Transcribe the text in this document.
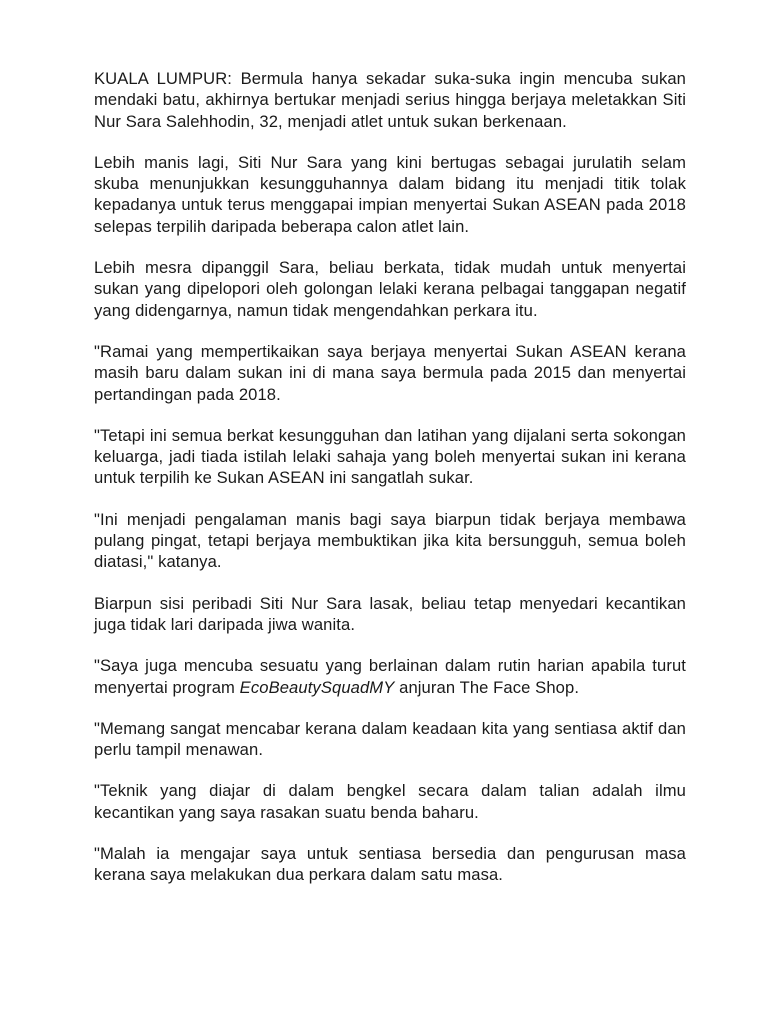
KUALA LUMPUR: Bermula hanya sekadar suka-suka ingin mencuba sukan mendaki batu, akhirnya bertukar menjadi serius hingga berjaya meletakkan Siti Nur Sara Salehhodin, 32, menjadi atlet untuk sukan berkenaan.

Lebih manis lagi, Siti Nur Sara yang kini bertugas sebagai jurulatih selam skuba menunjukkan kesungguhannya dalam bidang itu menjadi titik tolak kepadanya untuk terus menggapai impian menyertai Sukan ASEAN pada 2018 selepas terpilih daripada beberapa calon atlet lain.

Lebih mesra dipanggil Sara, beliau berkata, tidak mudah untuk menyertai sukan yang dipelopori oleh golongan lelaki kerana pelbagai tanggapan negatif yang didengarnya, namun tidak mengendahkan perkara itu.

"Ramai yang mempertikaikan saya berjaya menyertai Sukan ASEAN kerana masih baru dalam sukan ini di mana saya bermula pada 2015 dan menyertai pertandingan pada 2018.

"Tetapi ini semua berkat kesungguhan dan latihan yang dijalani serta sokongan keluarga, jadi tiada istilah lelaki sahaja yang boleh menyertai sukan ini kerana untuk terpilih ke Sukan ASEAN ini sangatlah sukar.

"Ini menjadi pengalaman manis bagi saya biarpun tidak berjaya membawa pulang pingat, tetapi berjaya membuktikan jika kita bersungguh, semua boleh diatasi," katanya.

Biarpun sisi peribadi Siti Nur Sara lasak, beliau tetap menyedari kecantikan juga tidak lari daripada jiwa wanita.

"Saya juga mencuba sesuatu yang berlainan dalam rutin harian apabila turut menyertai program EcoBeautySquadMY anjuran The Face Shop.

"Memang sangat mencabar kerana dalam keadaan kita yang sentiasa aktif dan perlu tampil menawan.

"Teknik yang diajar di dalam bengkel secara dalam talian adalah ilmu kecantikan yang saya rasakan suatu benda baharu.

"Malah ia mengajar saya untuk sentiasa bersedia dan pengurusan masa kerana saya melakukan dua perkara dalam satu masa.
